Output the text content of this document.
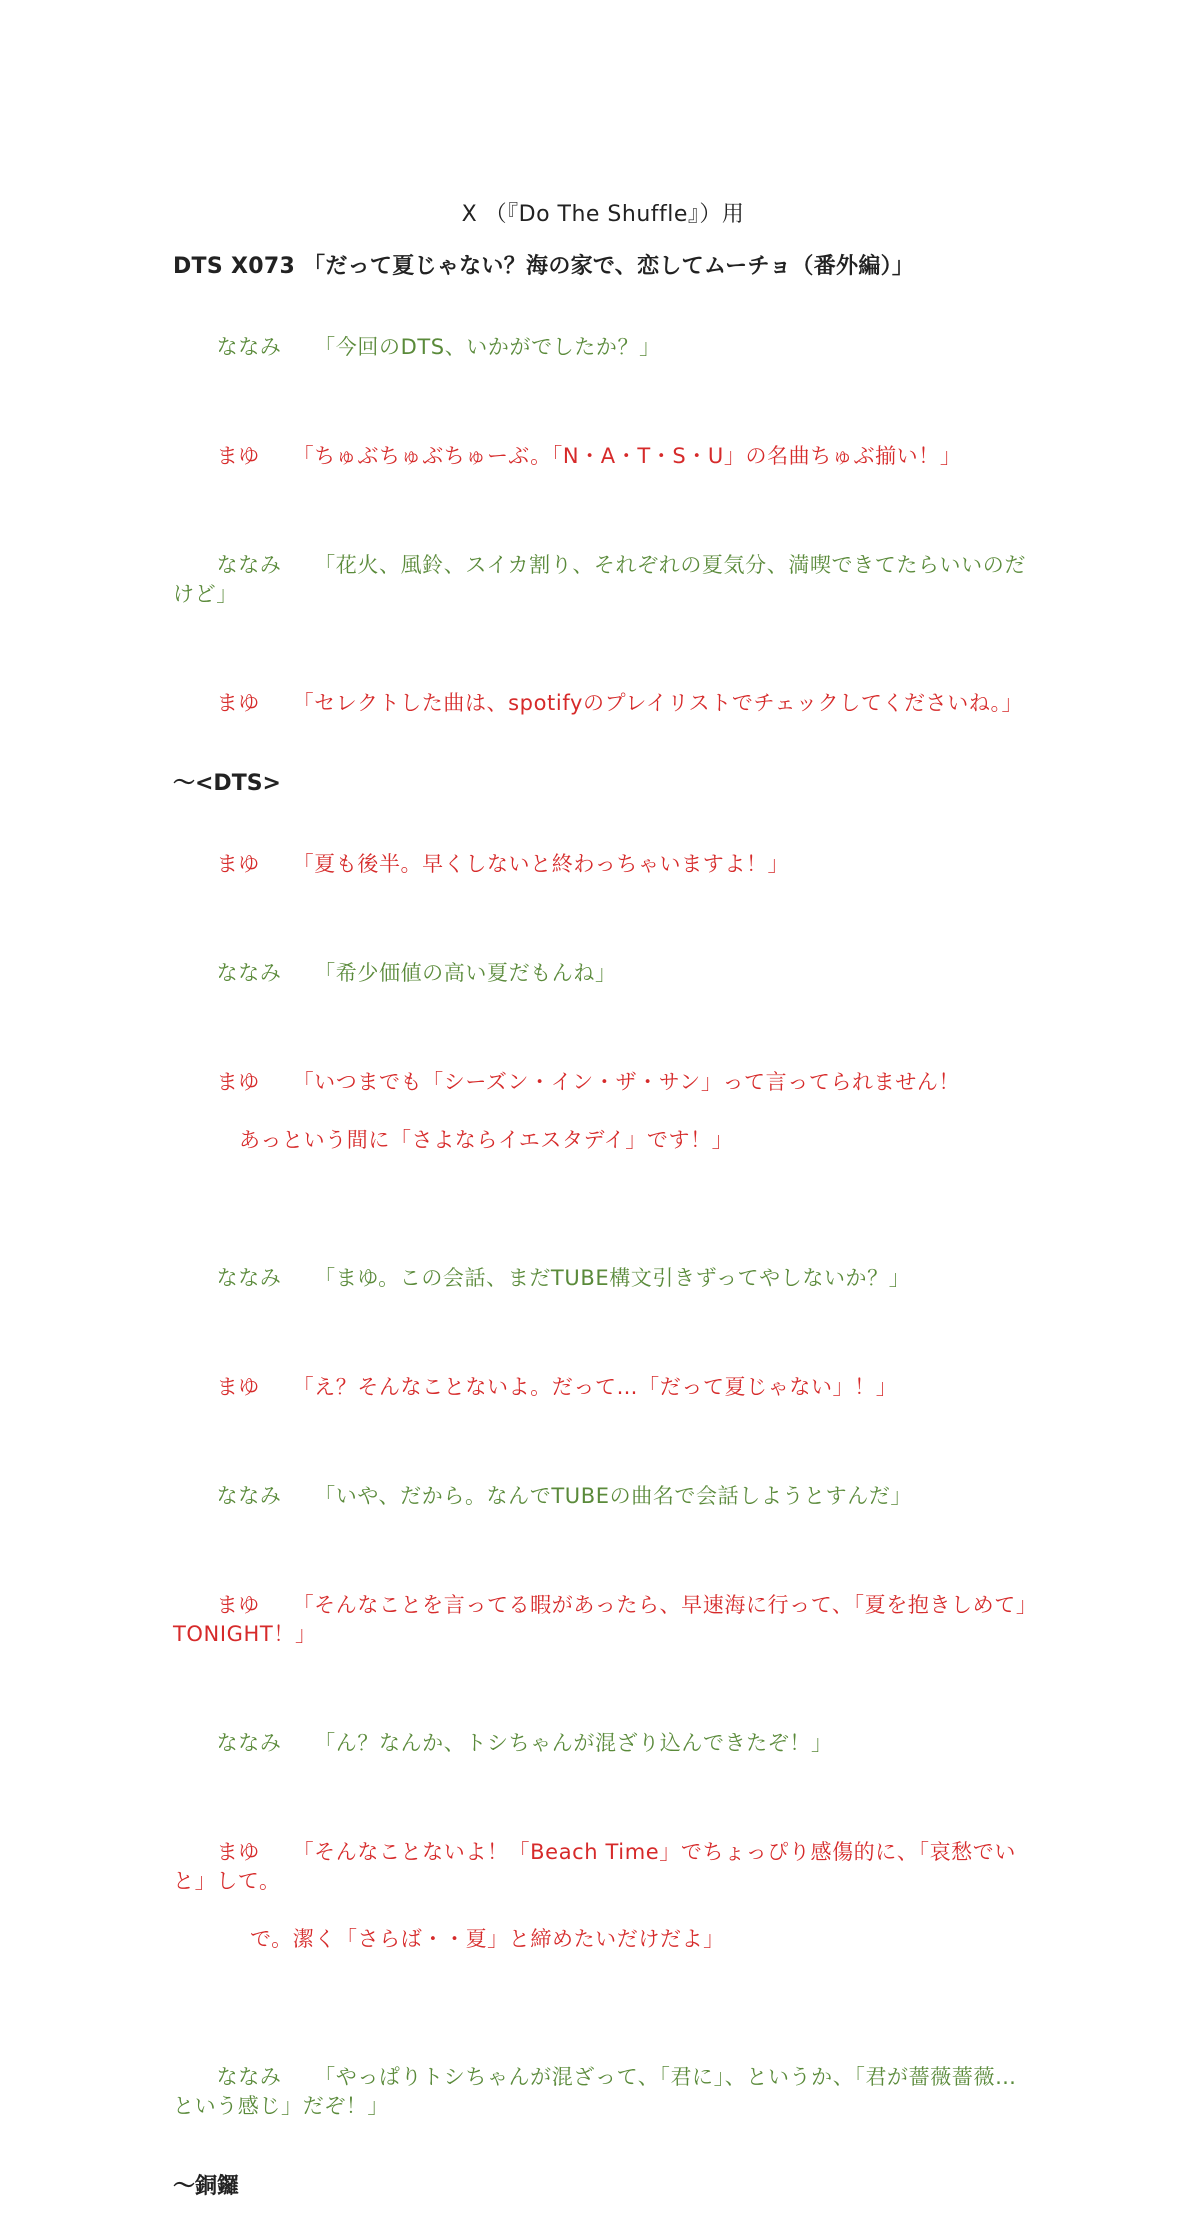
X （『Do The Shuffle』）用
DTS X073 「だって夏じゃない？海の家で、恋してムーチョ（番外編）」

ななみ　　 「今回のDTS、いかがでしたか？」

まゆ　　 「ちゅぶちゅぶちゅーぶ。「N・A・T・S・U」の名曲ちゅぶ揃い！」

ななみ　　 「花火、風鈴、スイカ割り、それぞれの夏気分、満喫できてたらいいのだけど」

まゆ　　 「セレクトした曲は、spotifyのプレイリストでチェックしてくださいね。」

〜<DTS>

まゆ　　 「夏も後半。早くしないと終わっちゃいますよ！」

ななみ　　 「希少価値の高い夏だもんね」

まゆ　　 「いつまでも「シーズン・イン・ザ・サン」って言ってられません！

あっという間に「さよならイエスタデイ」です！」

ななみ　　 「まゆ。この会話、まだTUBE構文引きずってやしないか？」

まゆ　　 「え？そんなことないよ。だって…「だって夏じゃない」！」

ななみ　　 「いや、だから。なんでTUBEの曲名で会話しようとすんだ」

まゆ　　 「そんなことを言ってる暇があったら、早速海に行って、「夏を抱きしめて」TONIGHT！」

ななみ　　 「ん？なんか、トシちゃんが混ざり込んできたぞ！」

まゆ　　 「そんなことないよ！「Beach Time」でちょっぴり感傷的に、「哀愁でいと」して。

で。潔く「さらば・・夏」と締めたいだけだよ」

ななみ　　 「やっぱりトシちゃんが混ざって、「君に」、というか、「君が薔薇薔薇…という感じ」だぞ！」

〜銅鑼
